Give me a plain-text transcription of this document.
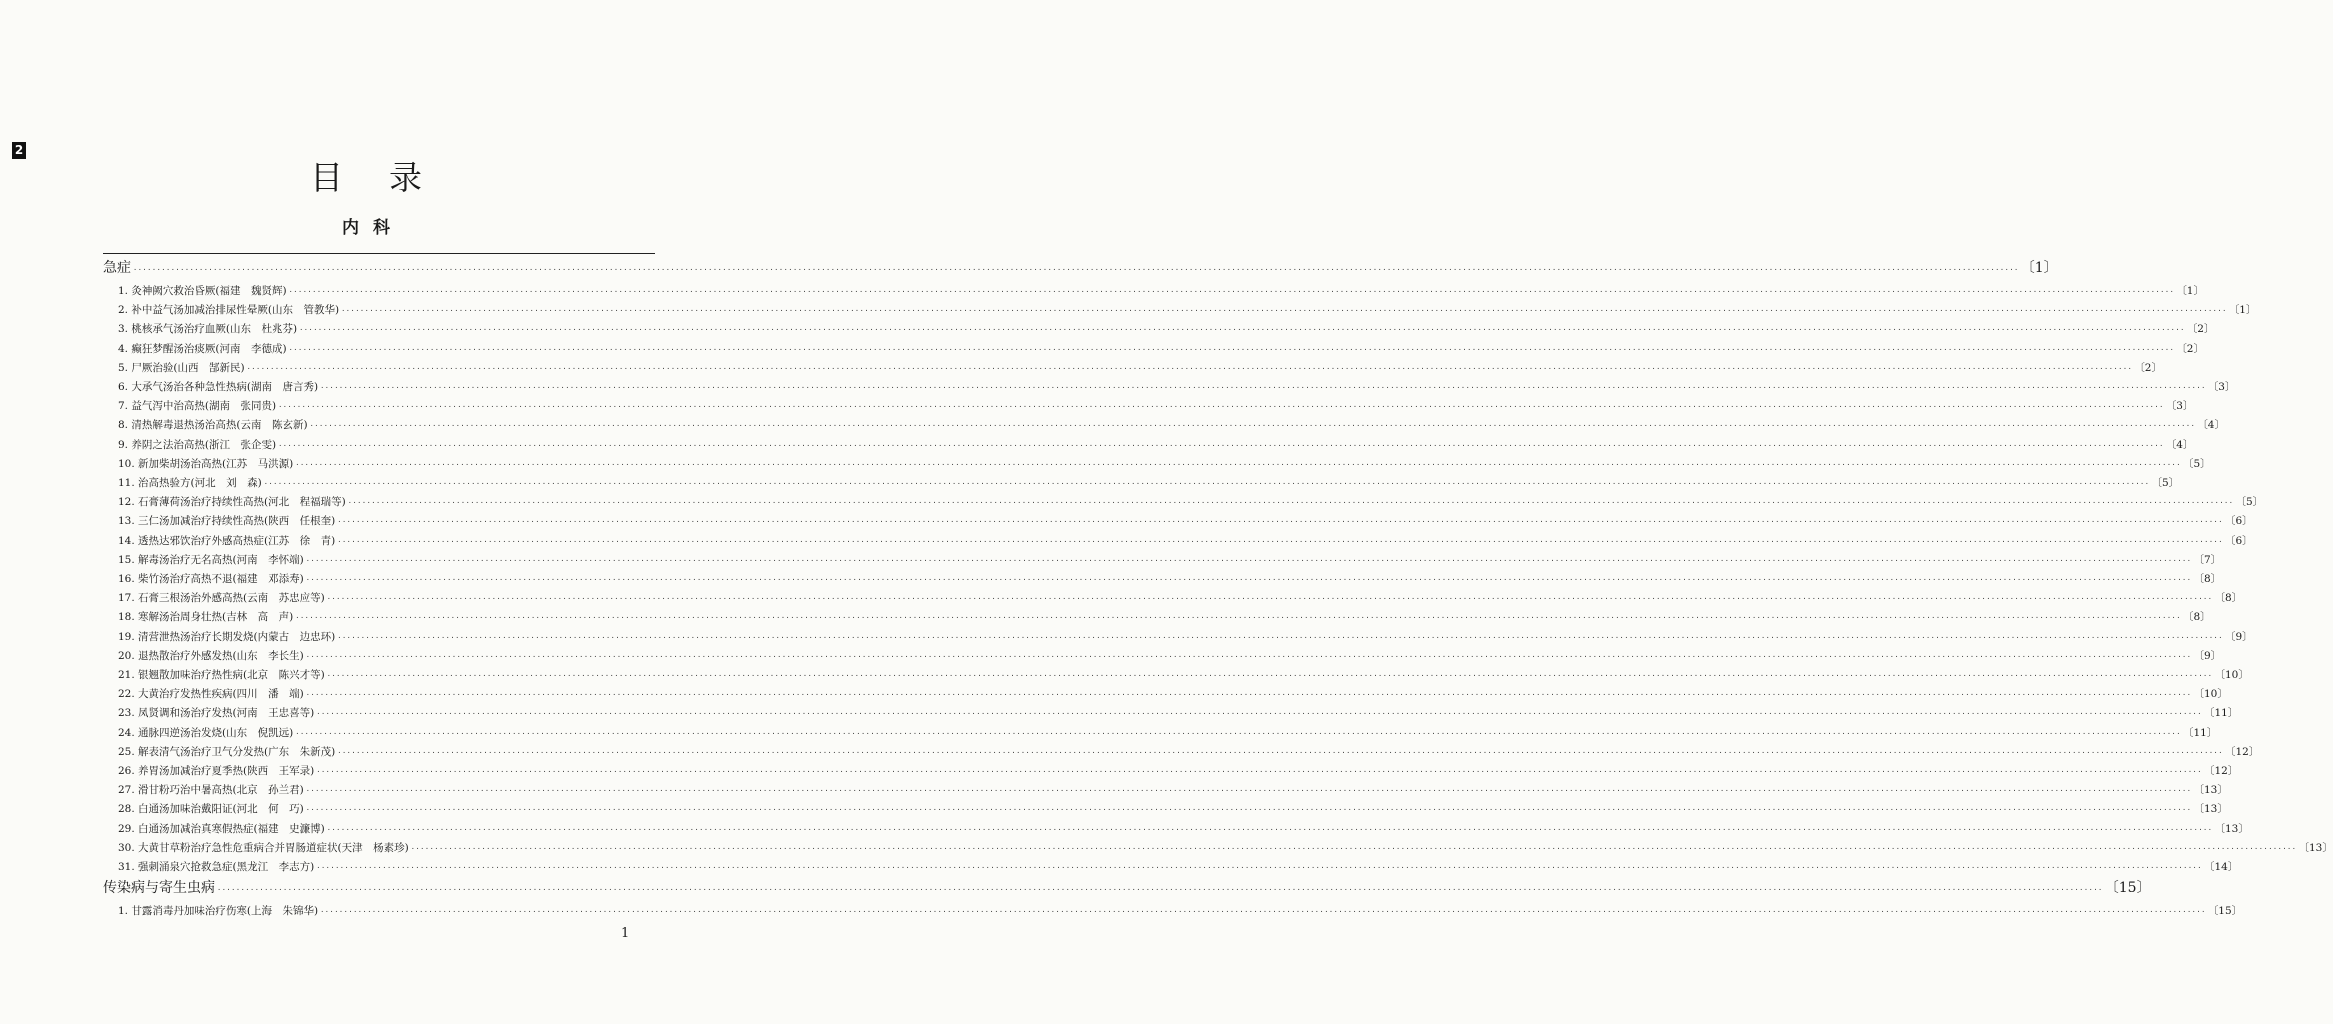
2
目录
内科
急症 ················································································································································································································································································································································································································ 〔1〕
1. 灸神阙穴救治昏厥(福建　魏贤辉) ················································································································································································································································································································································································································ 〔1〕
2. 补中益气汤加减治排尿性晕厥(山东　管教华) ················································································································································································································································································································································································································ 〔1〕
3. 桃核承气汤治疗血厥(山东　杜兆芬) ················································································································································································································································································································································································································ 〔2〕
4. 癫狂梦醒汤治痰厥(河南　李德成) ················································································································································································································································································································································································································ 〔2〕
5. 尸厥治验(山西　郜新民) ················································································································································································································································································································································································································ 〔2〕
6. 大承气汤治各种急性热病(湖南　唐言秀) ················································································································································································································································································································································································································ 〔3〕
7. 益气泻中治高热(湖南　张同贵) ················································································································································································································································································································································································································ 〔3〕
8. 清热解毒退热汤治高热(云南　陈玄新) ················································································································································································································································································································································································································ 〔4〕
9. 养阴之法治高热(浙江　张企雯) ················································································································································································································································································································································································································ 〔4〕
10. 新加柴胡汤治高热(江苏　马洪源) ················································································································································································································································································································································································································ 〔5〕
11. 治高热验方(河北　刘　森) ················································································································································································································································································································································································································ 〔5〕
12. 石膏薄荷汤治疗持续性高热(河北　程福瑞等) ················································································································································································································································································································································································································ 〔5〕
13. 三仁汤加减治疗持续性高热(陕西　任根奎) ················································································································································································································································································································································································································ 〔6〕
14. 透热达邪饮治疗外感高热症(江苏　徐　青) ················································································································································································································································································································································································································ 〔6〕
15. 解毒汤治疗无名高热(河南　李怀端) ················································································································································································································································································································································································································ 〔7〕
16. 柴竹汤治疗高热不退(福建　邓添寿) ················································································································································································································································································································································································································ 〔8〕
17. 石膏三根汤治外感高热(云南　苏忠应等) ················································································································································································································································································································································································································ 〔8〕
18. 寒解汤治周身壮热(吉林　高　声) ················································································································································································································································································································································································································ 〔8〕
19. 清营泄热汤治疗长期发烧(内蒙古　边忠环) ················································································································································································································································································································································································································ 〔9〕
20. 退热散治疗外感发热(山东　李长生) ················································································································································································································································································································································································································ 〔9〕
21. 银翘散加味治疗热性病(北京　陈兴才等) ················································································································································································································································································································································································································ 〔10〕
22. 大黄治疗发热性疾病(四川　潘　端) ················································································································································································································································································································································································································ 〔10〕
23. 凤贤调和汤治疗发热(河南　王忠喜等) ················································································································································································································································································································································································································ 〔11〕
24. 通脉四逆汤治发烧(山东　倪凯远) ················································································································································································································································································································································································································ 〔11〕
25. 解表清气汤治疗卫气分发热(广东　朱新茂) ················································································································································································································································································································································································································ 〔12〕
26. 养胃汤加减治疗夏季热(陕西　王军录) ················································································································································································································································································································································································································ 〔12〕
27. 滑甘粉巧治中暑高热(北京　孙兰君) ················································································································································································································································································································································································································ 〔13〕
28. 白通汤加味治戴阳证(河北　何　巧) ················································································································································································································································································································································································································ 〔13〕
29. 白通汤加减治真寒假热症(福建　史濂博) ················································································································································································································································································································································································································ 〔13〕
30. 大黄甘草粉治疗急性危重病合并胃肠道症状(天津　杨素珍) ················································································································································································································································································································································································································ 〔13〕
31. 强刺涌泉穴抢救急症(黑龙江　李志方) ················································································································································································································································································································································································································ 〔14〕
传染病与寄生虫病 ················································································································································································································································································································································································································ 〔15〕
1. 甘露消毒丹加味治疗伤寒(上海　朱锦华) ················································································································································································································································································································································································································ 〔15〕
1
